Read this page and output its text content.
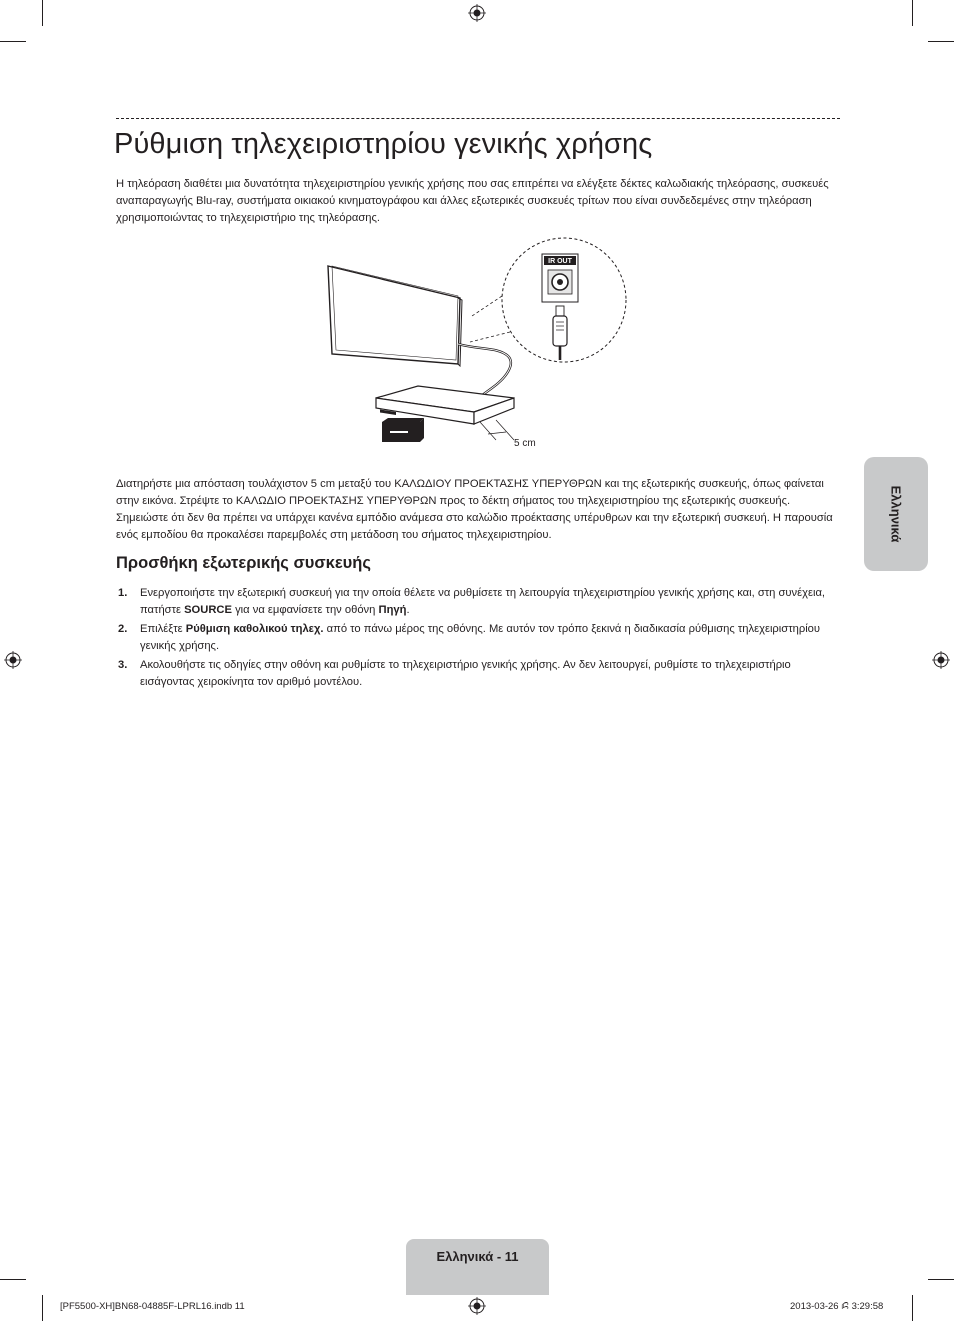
Ρύθμιση τηλεχειριστηρίου γενικής χρήσης

Η τηλεόραση διαθέτει μια δυνατότητα τηλεχειριστηρίου γενικής χρήσης που σας επιτρέπει να ελέγξετε δέκτες καλωδιακής τηλεόρασης, συσκευές αναπαραγωγής Blu-ray, συστήματα οικιακού κινηματογράφου και άλλες εξωτερικές συσκευές τρίτων που είναι συνδεδεμένες στην τηλεόραση χρησιμοποιώντας το τηλεχειριστήριο της τηλεόρασης.

5 cm
IR OUT

Διατηρήστε μια απόσταση τουλάχιστον 5 cm μεταξύ του ΚΑΛΩΔΙΟΥ ΠΡΟΕΚΤΑΣΗΣ ΥΠΕΡΥΘΡΩΝ και της εξωτερικής συσκευής, όπως φαίνεται στην εικόνα. Στρέψτε το ΚΑΛΩΔΙΟ ΠΡΟΕΚΤΑΣΗΣ ΥΠΕΡΥΘΡΩΝ προς το δέκτη σήματος του τηλεχειριστηρίου της εξωτερικής συσκευής. Σημειώστε ότι δεν θα πρέπει να υπάρχει κανένα εμπόδιο ανάμεσα στο καλώδιο προέκτασης υπέρυθρων και την εξωτερική συσκευή. Η παρουσία ενός εμποδίου θα προκαλέσει παρεμβολές στη μετάδοση του σήματος τηλεχειριστηρίου.

Προσθήκη εξωτερικής συσκευής
1. Ενεργοποιήστε την εξωτερική συσκευή για την οποία θέλετε να ρυθμίσετε τη λειτουργία τηλεχειριστηρίου γενικής χρήσης και, στη συνέχεια, πατήστε SOURCE για να εμφανίσετε την οθόνη Πηγή.
2. Επιλέξτε Ρύθμιση καθολικού τηλεχ. από το πάνω μέρος της οθόνης. Με αυτόν τον τρόπο ξεκινά η διαδικασία ρύθμισης τηλεχειριστηρίου γενικής χρήσης.
3. Ακολουθήστε τις οδηγίες στην οθόνη και ρυθμίστε το τηλεχειριστήριο γενικής χρήσης. Αν δεν λειτουργεί, ρυθμίστε το τηλεχειριστήριο εισάγοντας χειροκίνητα τον αριθμό μοντέλου.
Ελληνικά
Ελληνικά - 11
[PF5500-XH]BN68-04885F-LPRL16.indb 11	2013-03-26 ꗲ 3:29:58
